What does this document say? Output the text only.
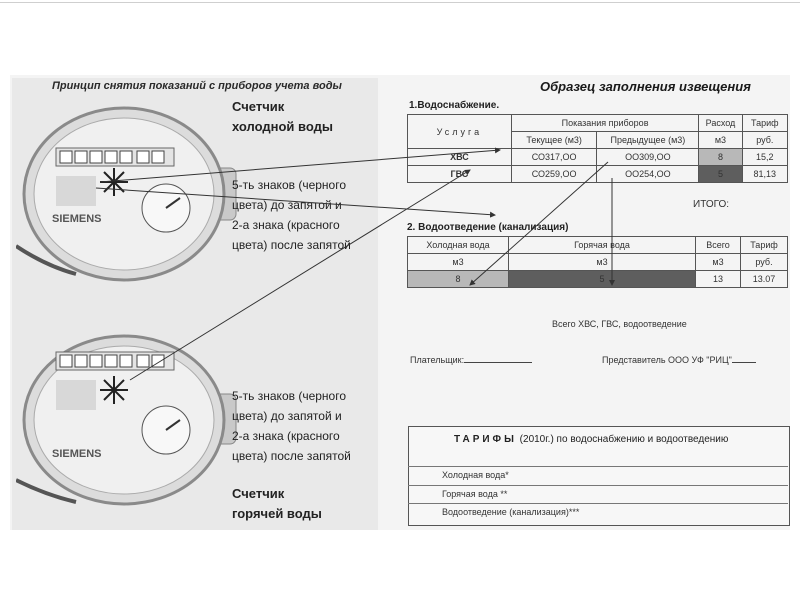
Принцип снятия показаний с приборов учета воды
SIEMENS
Счетчик
холодной воды
5-ть знаков (черного
цвета) до запятой и
2-а знака (красного
цвета) после запятой
SIEMENS
5-ть знаков (черного
цвета) до запятой и
2-а знака (красного
цвета) после запятой
Счетчик
горячей воды
Образец заполнения извещения
1.Водоснабжение.
Услуга	Показания приборов		Расход	Тариф
	Текущее (м3)	Предыдущее (м3)	м3	руб.
ХВС	СО317,ОО	ОО309,ОО	8	15,2
ГВС	СО259,ОО	ОО254,ОО	5	81,13
ИТОГО:
2. Водоотведение (канализация)
Холодная вода	Горячая вода	Всего	Тариф
м3	м3	м3	руб.
8	5	13	13.07
Всего ХВС, ГВС, водоотведение
Плательщик:	Представитель ООО УФ "РИЦ"
ТАРИФЫ (2010г.) по водоснабжению и водоотведению
Холодная вода*
Горячая вода **
Водоотведение (канализация)***
